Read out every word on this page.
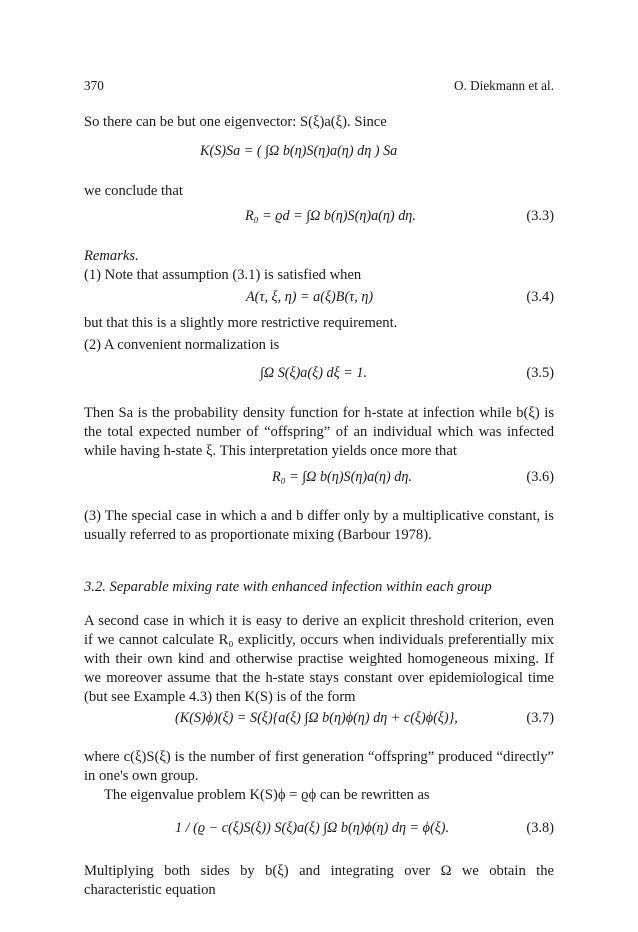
370	O. Diekmann et al.
So there can be but one eigenvector: S(ξ)a(ξ). Since
K(S)Sa = ( ∫Ω b(η)S(η)a(η) dη ) Sa
we conclude that
R₀ = ϱd = ∫Ω b(η)S(η)a(η) dη.	(3.3)
Remarks.
(1) Note that assumption (3.1) is satisfied when
A(τ, ξ, η) = a(ξ)B(τ, η)	(3.4)
but that this is a slightly more restrictive requirement.
(2) A convenient normalization is
∫Ω S(ξ)a(ξ) dξ = 1.	(3.5)
Then Sa is the probability density function for h-state at infection while b(ξ) is the total expected number of “offspring” of an individual which was infected while having h-state ξ. This interpretation yields once more that
R₀ = ∫Ω b(η)S(η)a(η) dη.	(3.6)
(3) The special case in which a and b differ only by a multiplicative constant, is usually referred to as proportionate mixing (Barbour 1978).
3.2. Separable mixing rate with enhanced infection within each group
A second case in which it is easy to derive an explicit threshold criterion, even if we cannot calculate R₀ explicitly, occurs when individuals preferentially mix with their own kind and otherwise practise weighted homogeneous mixing. If we moreover assume that the h-state stays constant over epidemiological time (but see Example 4.3) then K(S) is of the form
(K(S)ϕ)(ξ) = S(ξ){a(ξ) ∫Ω b(η)ϕ(η) dη + c(ξ)ϕ(ξ)},	(3.7)
where c(ξ)S(ξ) is the number of first generation “offspring” produced “directly” in one's own group.
The eigenvalue problem K(S)ϕ = ϱϕ can be rewritten as
1 / (ϱ − c(ξ)S(ξ)) S(ξ)a(ξ) ∫Ω b(η)ϕ(η) dη = ϕ(ξ).	(3.8)
Multiplying both sides by b(ξ) and integrating over Ω we obtain the characteristic equation
